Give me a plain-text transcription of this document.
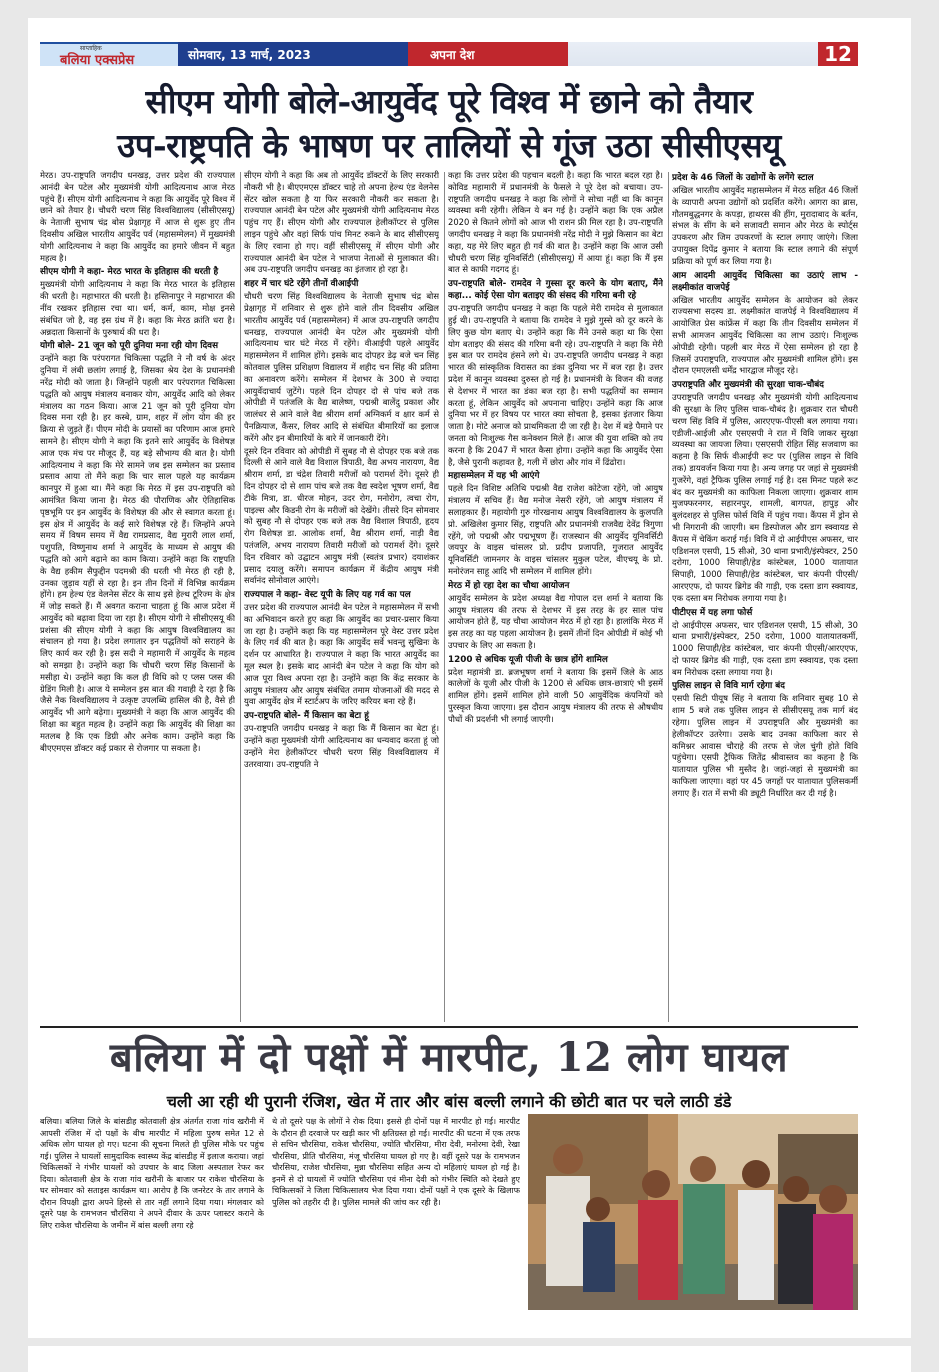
साप्ताहिक
बलिया एक्सप्रेस	सोमवार, 13 मार्च, 2023	अपना देश	12
सीएम योगी बोले-आयुर्वेद पूरे विश्व में छाने को तैयार
उप-राष्ट्रपति के भाषण पर तालियों से गूंज उठा सीसीएसयू

मेरठ। उप-राष्ट्रपति जगदीप धनखड़, उत्तर प्रदेश की राज्यपाल आनंदी बेन पटेल और मुख्यमंत्री योगी आदित्यनाथ आज मेरठ पहुंचे हैं। सीएम योगी आदित्यनाथ ने कहा कि आयुर्वेद पूरे विश्व में छाने को तैयार है। चौधरी चरण सिंह विश्वविद्यालय (सीसीएसयू) के नेताजी सुभाष चंद्र बोस प्रेक्षागृह में आज से शुरू हुए तीन दिवसीय अखिल भारतीय आयुर्वेद पर्व (महासम्मेलन) में मुख्यमंत्री योगी आदित्यनाथ ने कहा कि आयुर्वेद का हमारे जीवन में बहुत महत्व है।

सीएम योगी ने कहा- मेरठ भारत के इतिहास की धरती है

मुख्यमंत्री योगी आदित्यनाथ ने कहा कि मेरठ भारत के इतिहास की धरती है। महाभारत की धरती है। हस्तिनापुर ने महाभारत की नींव रखकर इतिहास रचा था। धर्म, कर्म, काम, मोक्ष इनसे संबंधित जो है, वह इस ग्रंथ में है। कहा कि मेरठ क्रांति धरा है। अन्नदाता किसानों के पुरुषार्थ की धरा है।

योगी बोले- 21 जून को पूरी दुनिया मना रही योग दिवस

उन्होंने कहा कि परंपरागत चिकित्सा पद्धति ने नौ वर्ष के अंदर दुनिया में लंबी छलांग लगाई है, जिसका श्रेय देश के प्रधानमंत्री नरेंद्र मोदी को जाता है। जिन्होंने पहली बार परंपरागत चिकित्सा पद्धति को आयुष मंत्रालय बनाकर योग, आयुर्वेद आदि को लेकर मंत्रालय का गठन किया। आज 21 जून को पूरी दुनिया योग दिवस मना रही है। हर कस्बे, ग्राम, शहर में लोग योग की हर क्रिया से जुड़ते हैं। पीएम मोदी के प्रयासों का परिणाम आज हमारे सामने है। सीएम योगी ने कहा कि इतने सारे आयुर्वेद के विशेषज्ञ आज एक मंच पर मौजूद हैं, यह बड़े सौभाग्य की बात है। योगी आदित्यनाथ ने कहा कि मेरे सामने जब इस सम्मेलन का प्रस्ताव प्रस्ताव आया तो मैंने कहा कि चार साल पहले यह कार्यक्रम कानपुर में हुआ था। मैंने कहा कि मेरठ में इस उप-राष्ट्रपति को आमंत्रित किया जाना है। मेरठ की पौराणिक और ऐतिहासिक पृष्ठभूमि पर इन आयुर्वेद के विशेषज्ञ की और से स्वागत करता हूं। इस क्षेत्र में आयुर्वेद के कई सारे विशेषज्ञ रहे हैं। जिन्होंने अपने समय में विषम समय में वैद्य रामप्रसाद, वैद्य मुरारी लाल शर्मा, पशुपति, विष्णुनाथ शर्मा ने आयुर्वेद के माध्यम से आयुष की पद्धति को आगे बढ़ाने का काम किया। उन्होंने कहा कि राष्ट्रपति के वैद्य हकीम सैफुद्दीन पदमश्री की धरती भी मेरठ ही रही है, उनका जुड़ाव यहीं से रहा है। इन तीन दिनों में विभिन्न कार्यक्रम होंगे। हम हेल्थ एंड वेलनेस सेंटर के साथ इसे हेल्थ टूरिज्म के क्षेत्र में जोड़ सकते हैं। मैं अवगत कराना चाहता हूं कि आज प्रदेश में आयुर्वेद को बढ़ावा दिया जा रहा है। सीएम योगी ने सीसीएसयू की प्रशंसा की सीएम योगी ने कहा कि आयुष विश्वविद्यालय का संचालन हो गया है। प्रदेश लगातार इन पद्धतियों को सराहने के लिए कार्य कर रही है। इस सदी ने महामारी में आयुर्वेद के महत्व को समझा है। उन्होंने कहा कि चौधरी चरण सिंह किसानों के मसीहा थे। उन्होंने कहा कि कल ही विधि को ए प्लस प्लस की ग्रेडिंग मिली है। आज ये सम्मेलन इस बात की गवाही दे रहा है कि जैसे नैक विश्वविद्यालय ने उत्कृष्ट उपलब्धि हासिल की है, वैसे ही आयुर्वेद भी आगे बढ़ेगा। मुख्यमंत्री ने कहा कि आज आयुर्वेद की शिक्षा का बहुत महत्व है। उन्होंने कहा कि आयुर्वेद की शिक्षा का मतलब है कि एक डिग्री और अनेक काम। उन्होंने कहा कि बीएएमएस डॉक्टर कई प्रकार से रोजगार पा सकता है।

सीएम योगी ने कहा कि अब तो आयुर्वेद डॉक्टरों के लिए सरकारी नौकरी भी है। बीएएमएस डॉक्टर चाहे तो अपना हेल्थ एंड वेलनेस सेंटर खोल सकता है या फिर सरकारी नौकरी कर सकता है। राज्यपाल आनंदी बेन पटेल और मुख्यमंत्री योगी आदित्यनाथ मेरठ पहुंच गए हैं। सीएम योगी और राज्यपाल हेलीकॉप्टर से पुलिस लाइन पहुंचे और वहां सिर्फ पांच मिनट रुकने के बाद सीसीएसयू के लिए रवाना हो गए। वहीं सीसीएसयू में सीएम योगी और राज्यपाल आनंदी बेन पटेल ने भाजपा नेताओं से मुलाकात की। अब उप-राष्ट्रपति जगदीप धनखड़ का इंतजार हो रहा है।

शहर में चार घंटे रहेंगे तीनों वीआईपी

चौधरी चरण सिंह विश्वविद्यालय के नेताजी सुभाष चंद्र बोस प्रेक्षागृह में शनिवार से शुरू होने वाले तीन दिवसीय अखिल भारतीय आयुर्वेद पर्व (महासम्मेलन) में आज उप-राष्ट्रपति जगदीप धनखड़, राज्यपाल आनंदी बेन पटेल और मुख्यमंत्री योगी आदित्यनाथ चार घंटे मेरठ में रहेंगे। वीआईपी पहले आयुर्वेद महासम्मेलन में शामिल होंगे। इसके बाद दोपहर डेढ़ बजे चन सिंह कोतवाल पुलिस प्रशिक्षण विद्यालय में शहीद चन सिंह की प्रतिमा का अनावरण करेंगे। सम्मेलन में देशभर के 300 से ज्यादा आयुर्वेदाचार्य जुटेंगे। पहले दिन दोपहर दो से पांच बजे तक ओपीडी में पतंजलि के वैद्य बालेष्ण, पद्मश्री बालेंदु प्रकाश और जालंधर से आने वाले वैद्य श्रीराम शर्मा अग्निकर्म व क्षार कर्म से पैनक्रियाज, कैंसर, लिवर आदि से संबंधित बीमारियों का इलाज करेंगे और इन बीमारियों के बारे में जानकारी देंगे।

दूसरे दिन रविवार को ओपीडी में सुबह नौ से दोपहर एक बजे तक दिल्ली से आने वाले वैद्य विशाल त्रिपाठी, वैद्य अभय नारायण, वैद्य श्रीराम शर्मा, डा चंद्रेश तिवारी मरीजों को परामर्श देंगे। दूसरे ही दिन दोपहर दो से शाम पांच बजे तक वैद्य स्वदेश भूषण शर्मा, वैद्य टीके मित्रा, डा. धीरज मोहन, उदर रोग, मनोरोग, त्वचा रोग, पाइल्स और किडनी रोग के मरीजों को देखेंगे। तीसरे दिन सोमवार को सुबह नौ से दोपहर एक बजे तक वैद्य विशाल त्रिपाठी, हृदय रोग विशेषज्ञ डा. आलोक शर्मा, वैद्य श्रीराम शर्मा, नाड़ी वैद्य पतंजलि, अभय नारायण तिवारी मरीजों को परामर्श देंगे। दूसरे दिन रविवार को उद्घाटन आयुष मंत्री (स्वतंत्र प्रभार) दयाशंकर प्रसाद दयालु करेंगे। समापन कार्यक्रम में केंद्रीय आयुष मंत्री सर्वानंद सोनोवाल आएंगे।

राज्यपाल ने कहा- वेस्ट यूपी के लिए यह गर्व का पल

उत्तर प्रदेश की राज्यपाल आनंदी बेन पटेल ने महासम्मेलन में सभी का अभिवादन करते हुए कहा कि आयुर्वेद का प्रचार-प्रसार किया जा रहा है। उन्होंने कहा कि यह महासम्मेलन पूरे वेस्ट उत्तर प्रदेश के लिए गर्व की बात है। कहा कि आयुर्वेद सर्वे भवन्तु सुखिनः के दर्शन पर आधारित है। राज्यपाल ने कहा कि भारत आयुर्वेद का मूल स्थल है। इसके बाद आनंदी बेन पटेल ने कहा कि योग को आज पूरा विश्व अपना रहा है। उन्होंने कहा कि केंद्र सरकार के आयुष मंत्रालय और आयुष संबंधित तमाम योजनाओं की मदद से युवा आयुर्वेद क्षेत्र में स्टार्टअप के जरिए करियर बना रहे हैं।

उप-राष्ट्रपति बोले- मैं किसान का बेटा हूं

उप-राष्ट्रपति जगदीप धनखड़ ने कहा कि मैं किसान का बेटा हूं। उन्होंने कहा मुख्यमंत्री योगी आदित्यनाथ का धन्यवाद करता हूं जो उन्होंने मेरा हेलीकॉप्टर चौधरी चरण सिंह विश्वविद्यालय में उतरवाया। उप-राष्ट्रपति ने

कहा कि उत्तर प्रदेश की पहचान बदली है। कहा कि भारत बदल रहा है। कोविड महामारी में प्रधानमंत्री के फैसले ने पूरे देश को बचाया। उप-राष्ट्रपति जगदीप धनखड़ ने कहा कि लोगों ने सोचा नहीं था कि कानून व्यवस्था बनी रहेगी। लेकिन ये बन गई है। उन्होंने कहा कि एक अप्रैल 2020 से कितने लोगों को आज भी राशन फ्री मिल रहा है। उप-राष्ट्रपति जगदीप धनखड़ ने कहा कि प्रधानमंत्री नरेंद्र मोदी ने मुझे किसान का बेटा कहा, यह मेरे लिए बहुत ही गर्व की बात है। उन्होंने कहा कि आज उसी चौधरी चरण सिंह यूनिवर्सिटी (सीसीएसयू) में आया हूं। कहा कि मैं इस बात से काफी गदगद हूं।

उप-राष्ट्रपति बोले- रामदेव ने गुस्सा दूर करने के योग बताए, मैंने कहा... कोई ऐसा योग बताइए की संसद की गरिमा बनी रहे

उप-राष्ट्रपति जगदीप धनखड़ ने कहा कि पहले मेरी रामदेव से मुलाकात हुई थी। उप-राष्ट्रपति ने बताया कि रामदेव ने मुझे गुस्से को दूर करने के लिए कुछ योग बताए थे। उन्होंने कहा कि मैंने उनसे कहा था कि ऐसा योग बताइए की संसद की गरिमा बनी रहे। उप-राष्ट्रपति ने कहा कि मेरी इस बात पर रामदेव हंसने लगे थे। उप-राष्ट्रपति जगदीप धनखड़ ने कहा भारत की सांस्कृतिक विरासत का डंका दुनिया भर में बज रहा है। उत्तर प्रदेश में कानून व्यवस्था दुरुस्त हो गई है। प्रधानमंत्री के विजन की वजह से देशभर में भारत का डंका बज रहा है। सभी पद्धतियों का सम्मान करता हूं, लेकिन आयुर्वेद को अपनाना चाहिए। उन्होंने कहा कि आज दुनिया भर में हर विषय पर भारत क्या सोचता है, इसका इंतजार किया जाता है। मोटे अनाज को प्राथमिकता दी जा रही है। देश में बड़े पैमाने पर जनता को निःशुल्क गैस कनेक्शन मिले हैं। आज की युवा शक्ति को तय करना है कि 2047 में भारत कैसा होगा। उन्होंने कहा कि आयुर्वेद ऐसा है, जैसे पुरानी कहावत है, गली में छोरा और गांव में ढिंढोरा।

महासम्मेलन में यह भी आएंगे

पहले दिन विशिष्ट अतिथि पद्मश्री वैद्य राजेश कोटेजा रहेंगे, जो आयुष मंत्रालय में सचिव हैं। वैद्य मनोज नेसरी रहेंगे, जो आयुष मंत्रालय में सलाहकार हैं। महायोगी गुरु गोरखनाथ आयुष विश्वविद्यालय के कुलपति प्रो. अखिलेश कुमार सिंह, राष्ट्रपति और प्रधानमंत्री राजवैद्य देवेंद्र त्रिगुणा रहेंगे, जो पद्मश्री और पद्मभूषण हैं। राजस्थान की आयुर्वेद यूनिवर्सिटी जयपुर के वाइस चांसलर प्रो. प्रदीप प्रजापति, गुजरात आयुर्वेद यूनिवर्सिटी जामनगर के वाइस चांसलर मुकुल पटेल, वीएचयू के प्रो. मनोरंजन साहू आदि भी सम्मेलन में शामिल होंगे।

मेरठ में हो रहा देश का चौथा आयोजन

आयुर्वेद सम्मेलन के प्रदेश अध्यक्ष वैद्य गोपाल दत्त शर्मा ने बताया कि आयुष मंत्रालय की तरफ से देशभर में इस तरह के हर साल पांच आयोजन होते हैं, यह चौथा आयोजन मेरठ में हो रहा है। हालांकि मेरठ में इस तरह का यह पहला आयोजन है। इसमें तीनों दिन ओपीडी में कोई भी उपचार के लिए आ सकता है।

1200 से अधिक यूजी पीजी के छात्र होंगे शामिल

प्रदेश महामंत्री डा. ब्रजभूषण शर्मा ने बताया कि इसमें जिले के आठ कालेजों के यूजी और पीजी के 1200 से अधिक छात्र-छात्राएं भी इसमें शामिल होंगे। इसमें शामिल होने वाली 50 आयुर्वेदिक कंपनियों को पुरस्कृत किया जाएगा। इस दौरान आयुष मंत्रालय की तरफ से औषधीय पौधों की प्रदर्शनी भी लगाई जाएगी।

प्रदेश के 46 जिलों के उद्योगों के लगेंगे स्टाल

अखिल भारतीय आयुर्वेद महासम्मेलन में मेरठ सहित 46 जिलों के व्यापारी अपना उद्योगों को प्रदर्शित करेंगे। आगरा का ब्रास, गौतमबुद्धनगर के कपड़ा, हाथरस की हींग, मुरादाबाद के बर्तन, संभल के सींग के बने सजावटी समान और मेरठ के स्पोर्ट्स उपकरण और जिम उपकरणों के स्टाल लगाए जाएंगे। जिला उपायुक्त दिपेंद्र कुमार ने बताया कि स्टाल लगाने की संपूर्ण प्रक्रिया को पूर्ण कर लिया गया है।

आम आदमी आयुर्वेद चिकित्सा का उठाएं लाभ - लक्ष्मीकांत वाजपेई

अखिल भारतीय आयुर्वेद सम्मेलन के आयोजन को लेकर राज्यसभा सदस्य डा. लक्ष्मीकांत वाजपेई ने विश्वविद्यालय में आयोजित प्रेस कांफ्रेंस में कहा कि तीन दिवसीय सम्मेलन में सभी आमजन आयुर्वेद चिकित्सा का लाभ उठाएं। निःशुल्क ओपीडी रहेगी। पहली बार मेरठ में ऐसा सम्मेलन हो रहा है जिसमें उपराष्ट्रपति, राज्यपाल और मुख्यमंत्री शामिल होंगे। इस दौरान एमएलसी धर्मेंद्र भारद्वाज मौजूद रहे।

उपराष्ट्रपति और मुख्यमंत्री की सुरक्षा चाक-चौबंद

उपराष्ट्रपति जगदीप धनखड़ और मुख्यमंत्री योगी आदित्यनाथ की सुरक्षा के लिए पुलिस चाक-चौबंद है। शुक्रवार रात चौधरी चरण सिंह विवि में पुलिस, आरएएफ-पीएसी बल लगाया गया। एडीजी-आईजी और एसएसपी ने रात में विवि जाकर सुरक्षा व्यवस्था का जायजा लिया। एसएसपी रोहित सिंह सजवाण का कहना है कि सिर्फ वीआईपी रूट पर (पुलिस लाइन से विवि तक) डायवर्जन किया गया है। अन्य जगह पर जहां से मुख्यमंत्री गुजरेंगे, वहां ट्रैफिक पुलिस लगाई गई है। दस मिनट पहले रूट बंद कर मुख्यमंत्री का काफिला निकला जाएगा। शुक्रवार शाम मुजफ्फरनगर, सहारनपुर, शामली, बागपत, हापुड़ और बुलंदशहर से पुलिस फोर्स विवि में पहुंच गया। कैंपस में ड्रोन से भी निगरानी की जाएगी। बम डिस्पोजल और डाग स्क्वायड से कैंपस में चेकिंग कराई गई। विवि में दो आईपीएस अफसर, चार एडिशनल एसपी, 15 सीओ, 30 थाना प्रभारी/इंस्पेक्टर, 250 दरोगा, 1000 सिपाही/हेड कांस्टेबल, 1000 यातायात सिपाही, 1000 सिपाही/हेड कांस्टेबल, चार कंपनी पीएसी/आरएएफ, दो फायर ब्रिगेड की गाड़ी, एक दस्ता डाग स्क्वायड, एक दस्ता बम निरोधक लगाया गया है।

पीटीएस में यह लगा फोर्स

दो आईपीएस अफसर, चार एडिशनल एसपी, 15 सीओ, 30 थाना प्रभारी/इंस्पेक्टर, 250 दरोगा, 1000 यातायातकर्मी, 1000 सिपाही/हेड कांस्टेबल, चार कंपनी पीएसी/आरएएफ, दो फायर ब्रिगेड की गाड़ी, एक दस्ता डाग स्क्वायड, एक दस्ता बम निरोधक दस्ता लगाया गया है।

पुलिस लाइन से विवि मार्ग रहेगा बंद

एसपी सिटी पीयूष सिंह ने बताया कि शनिवार सुबह 10 से शाम 5 बजे तक पुलिस लाइन से सीसीएसयू तक मार्ग बंद रहेगा। पुलिस लाइन में उपराष्ट्रपति और मुख्यमंत्री का हेलीकॉप्टर उतरेगा। उसके बाद उनका काफिला कार से कमिश्नर आवास चौराहे की तरफ से जेल चुंगी होते विवि पहुंचेगा। एसपी ट्रैफिक जितेंद्र श्रीवास्तव का कहना है कि यातायात पुलिस भी मुस्तैद है। जहां-जहां से मुख्यमंत्री का काफिला जाएगा। वहां पर 45 जगहों पर यातायात पुलिसकर्मी लगाए हैं। रात में सभी की ड्यूटी निर्धारित कर दी गई है।

बलिया में दो पक्षों में मारपीट, 12 लोग घायल
चली आ रही थी पुरानी रंजिश, खेत में तार और बांस बल्ली लगाने की छोटी बात पर चले लाठी डंडे

बलिया। बलिया जिले के बांसडीह कोतवाली क्षेत्र अंतर्गत राजा गांव खरौनी में आपसी रंजिश में दो पक्षों के बीच मारपीट में महिला पुरुष समेत 12 से अधिक लोग घायल हो गए। घटना की सूचना मिलते ही पुलिस मौके पर पहुंच गई। पुलिस ने घायलों सामुदायिक स्वास्थ्य केंद्र बांसडीह में इलाज कराया। जहां चिकित्सकों ने गंभीर घायलों को उपचार के बाद जिला अस्पताल रेफर कर दिया। कोतवाली क्षेत्र के राजा गांव खरौनी के बाजार पर राकेश चौरसिया के घर सोमवार को सताइस कार्यक्रम था। आरोप है कि जनरेटर के तार लगाने के दौरान विपक्षी द्वारा अपने हिस्से से तार नहीं लगाने दिया गया। मंगलवार को दूसरे पक्ष के रामभजन चौरसिया ने अपने दीवार के ऊपर प्लास्टर कराने के लिए राकेश चौरसिया के जमीन में बांस बल्ली लगा रहे

थे तो दूसरे पक्ष के लोगों ने रोक दिया। इससे ही दोनों पक्ष में मारपीट हो गई। मारपीट के दौरान ही दरवाजे पर खड़ी कार भी क्षतिग्रस्त हो गई। मारपीट की घटना में एक तरफ से सचिन चौरसिया, राकेश चौरसिया, ज्योति चौरसिया, मीरा देवी, मनोरमा देवी, रेखा चौरसिया, प्रीति चौरसिया, मंजू चौरसिया घायल हो गए है। वहीं दूसरे पक्ष के रामभजन चौरसिया, राजेश चौरसिया, मुन्ना चौरसिया सहित अन्य दो महिलाएं घायल हो गई है। इनमें से दो घायलों में ज्योति चौरसिया एवं मीना देवी को गंभीर स्थिति को देखते हुए चिकित्सकों ने जिला चिकित्सालय भेज दिया गया। दोनों पक्षों ने एक दूसरे के खिलाफ पुलिस को तहरीर दी है। पुलिस मामले की जांच कर रही है।
